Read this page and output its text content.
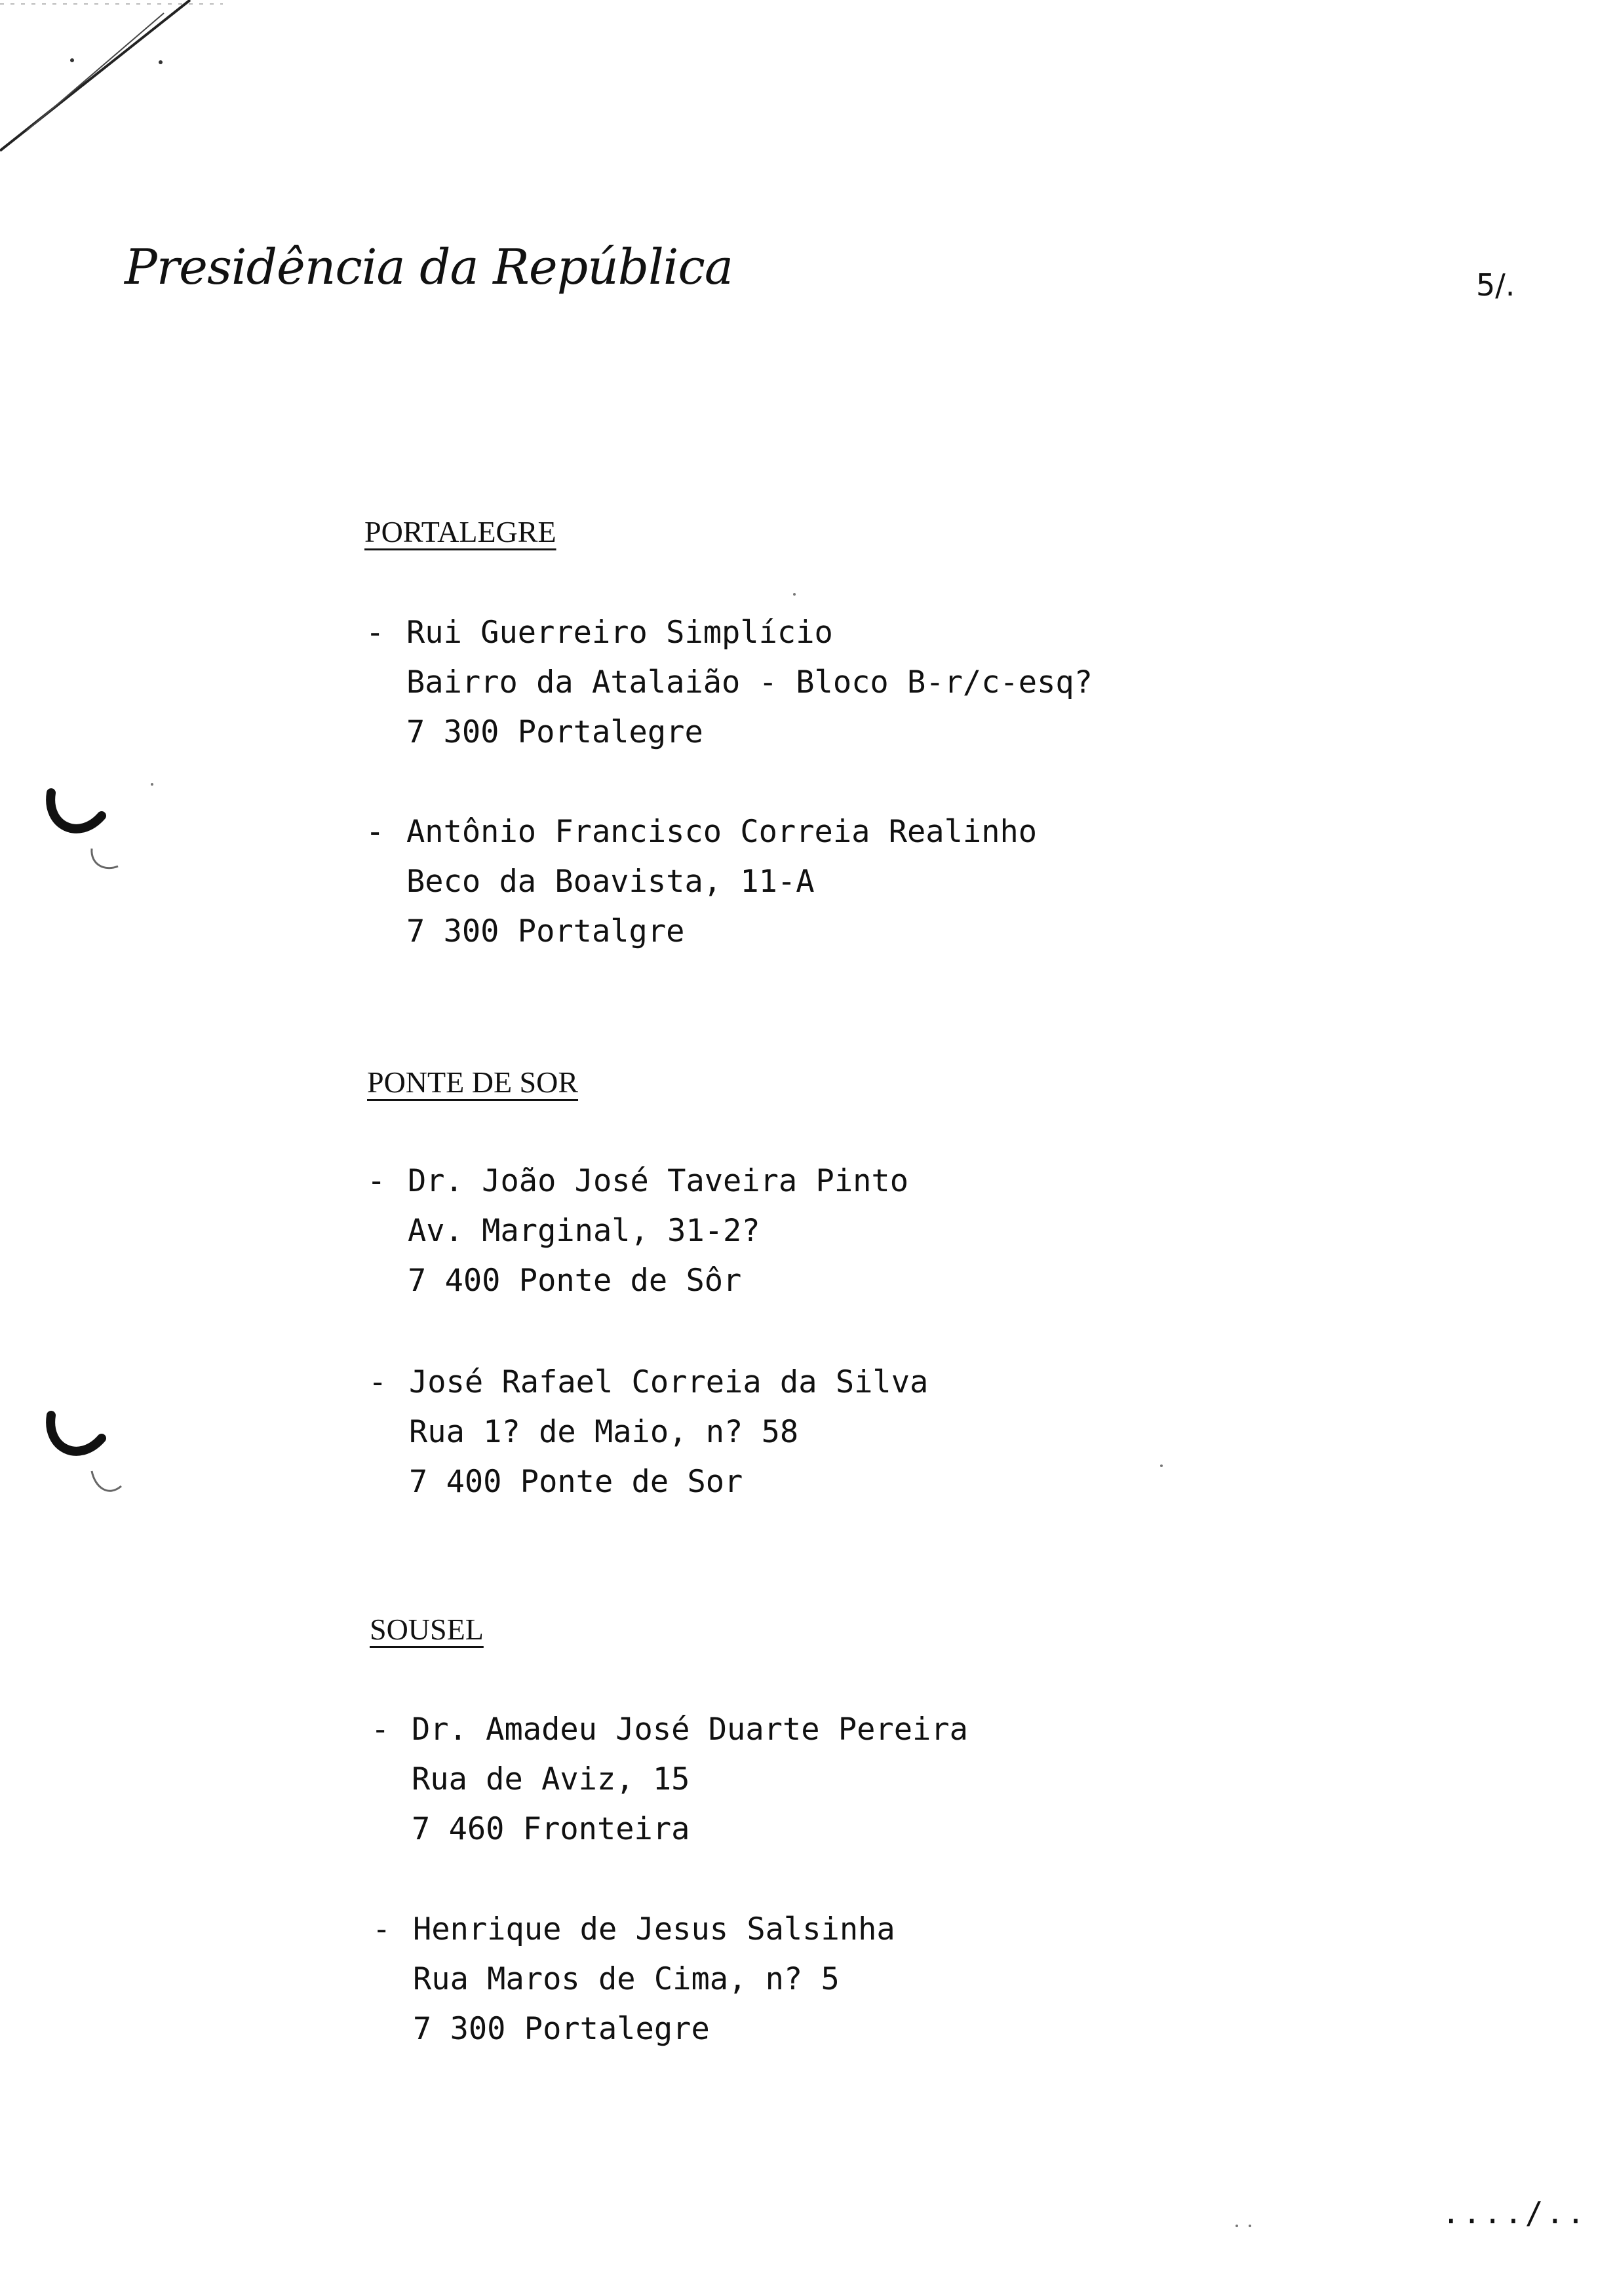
Presidência da República	5/.
PORTALEGRE
- Rui Guerreiro Simplício
Bairro da Atalaião - Bloco B-r/c-esq?
7 300 Portalegre
- Antônio Francisco Correia Realinho
Beco da Boavista, 11-A
7 300 Portalgre
PONTE DE SOR
- Dr. João José Taveira Pinto
Av. Marginal, 31-2?
7 400 Ponte de Sôr
- José Rafael Correia da Silva
Rua 1? de Maio, n? 58
7 400 Ponte de Sor
SOUSEL
- Dr. Amadeu José Duarte Pereira
Rua de Aviz, 15
7 460 Fronteira
- Henrique de Jesus Salsinha
Rua Maros de Cima, n? 5
7 300 Portalegre
..../..
